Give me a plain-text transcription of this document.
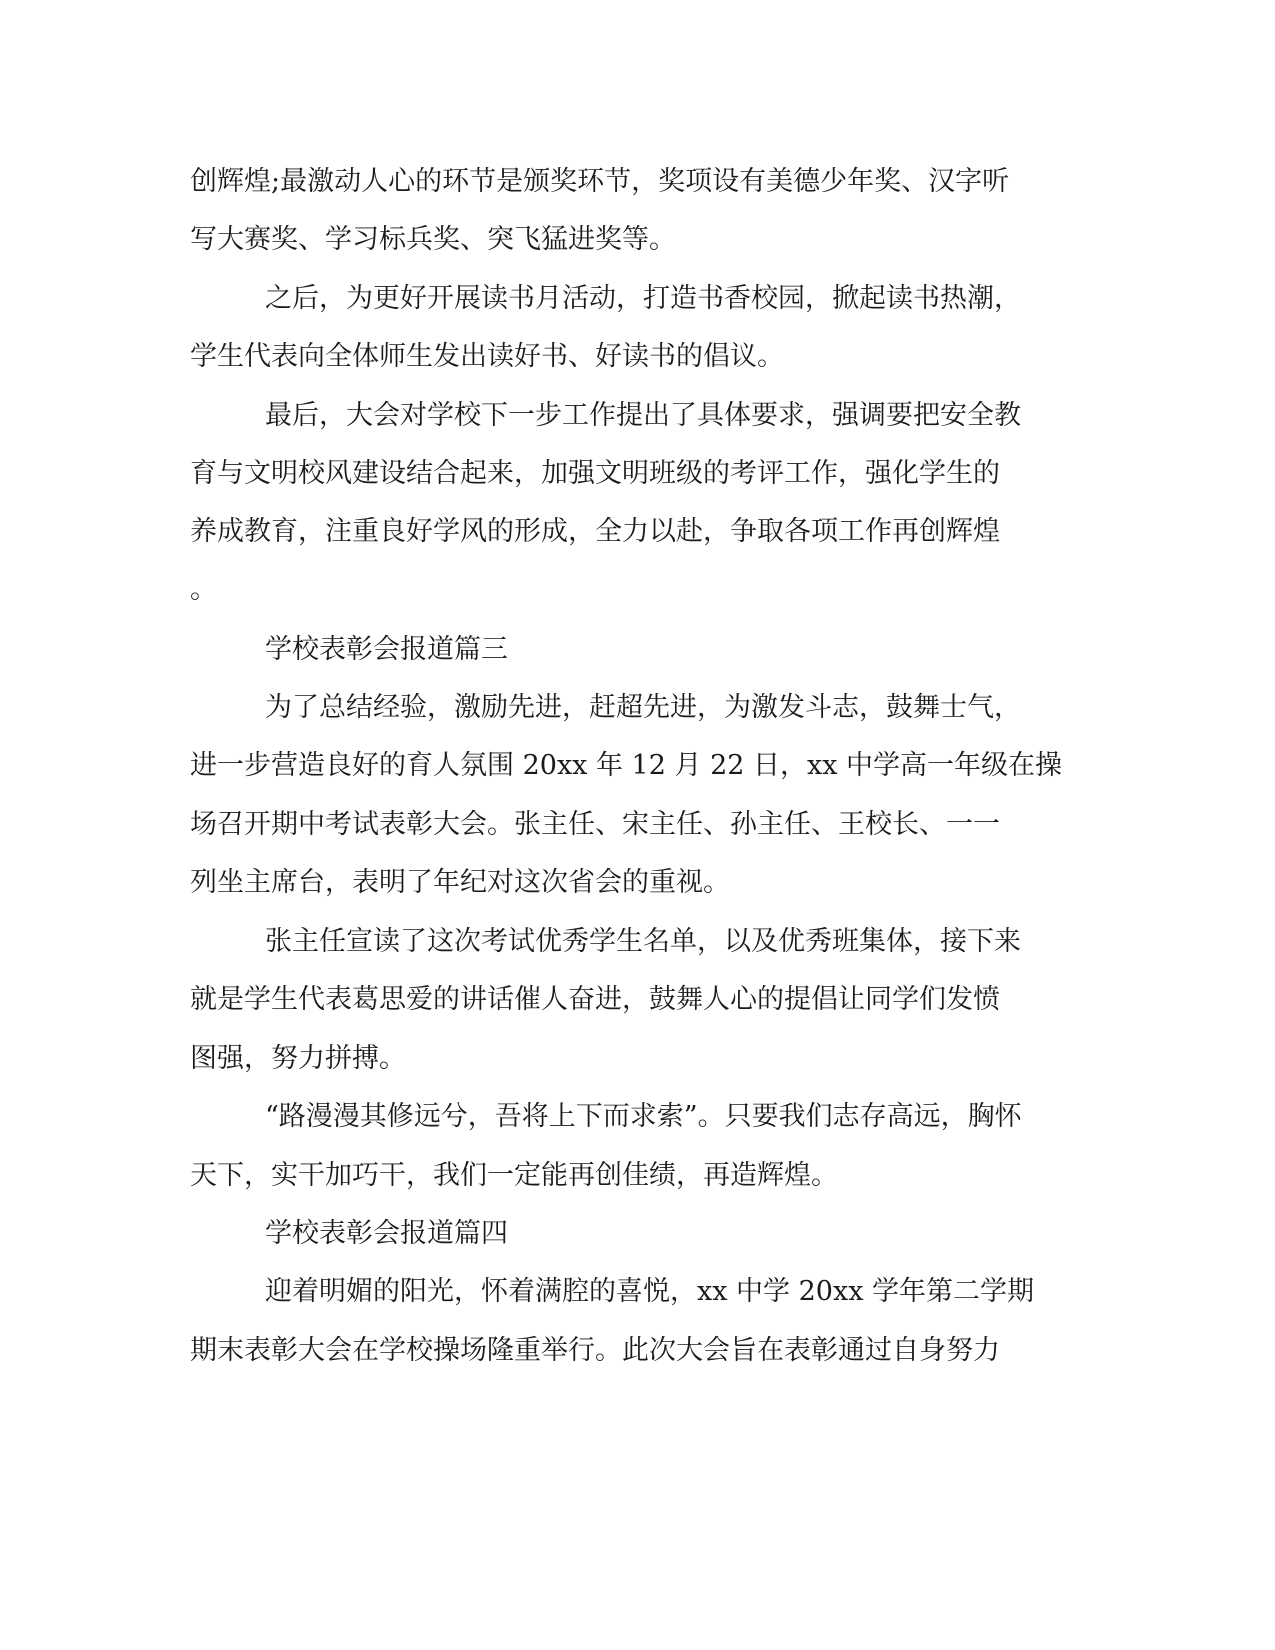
创辉煌;最激动人心的环节是颁奖环节，奖项设有美德少年奖、汉字听
写大赛奖、学习标兵奖、突飞猛进奖等。
之后，为更好开展读书月活动，打造书香校园，掀起读书热潮，
学生代表向全体师生发出读好书、好读书的倡议。
最后，大会对学校下一步工作提出了具体要求，强调要把安全教
育与文明校风建设结合起来，加强文明班级的考评工作，强化学生的
养成教育，注重良好学风的形成，全力以赴，争取各项工作再创辉煌
。
学校表彰会报道篇三
为了总结经验，激励先进，赶超先进，为激发斗志，鼓舞士气，
进一步营造良好的育人氛围 20xx 年 12 月 22 日，xx 中学高一年级在操
场召开期中考试表彰大会。张主任、宋主任、孙主任、王校长、一一
列坐主席台，表明了年纪对这次省会的重视。
张主任宣读了这次考试优秀学生名单，以及优秀班集体，接下来
就是学生代表葛思爱的讲话催人奋进，鼓舞人心的提倡让同学们发愤
图强，努力拼搏。
“路漫漫其修远兮，吾将上下而求索”。只要我们志存高远，胸怀
天下，实干加巧干，我们一定能再创佳绩，再造辉煌。
学校表彰会报道篇四
迎着明媚的阳光，怀着满腔的喜悦，xx 中学 20xx 学年第二学期
期末表彰大会在学校操场隆重举行。此次大会旨在表彰通过自身努力
